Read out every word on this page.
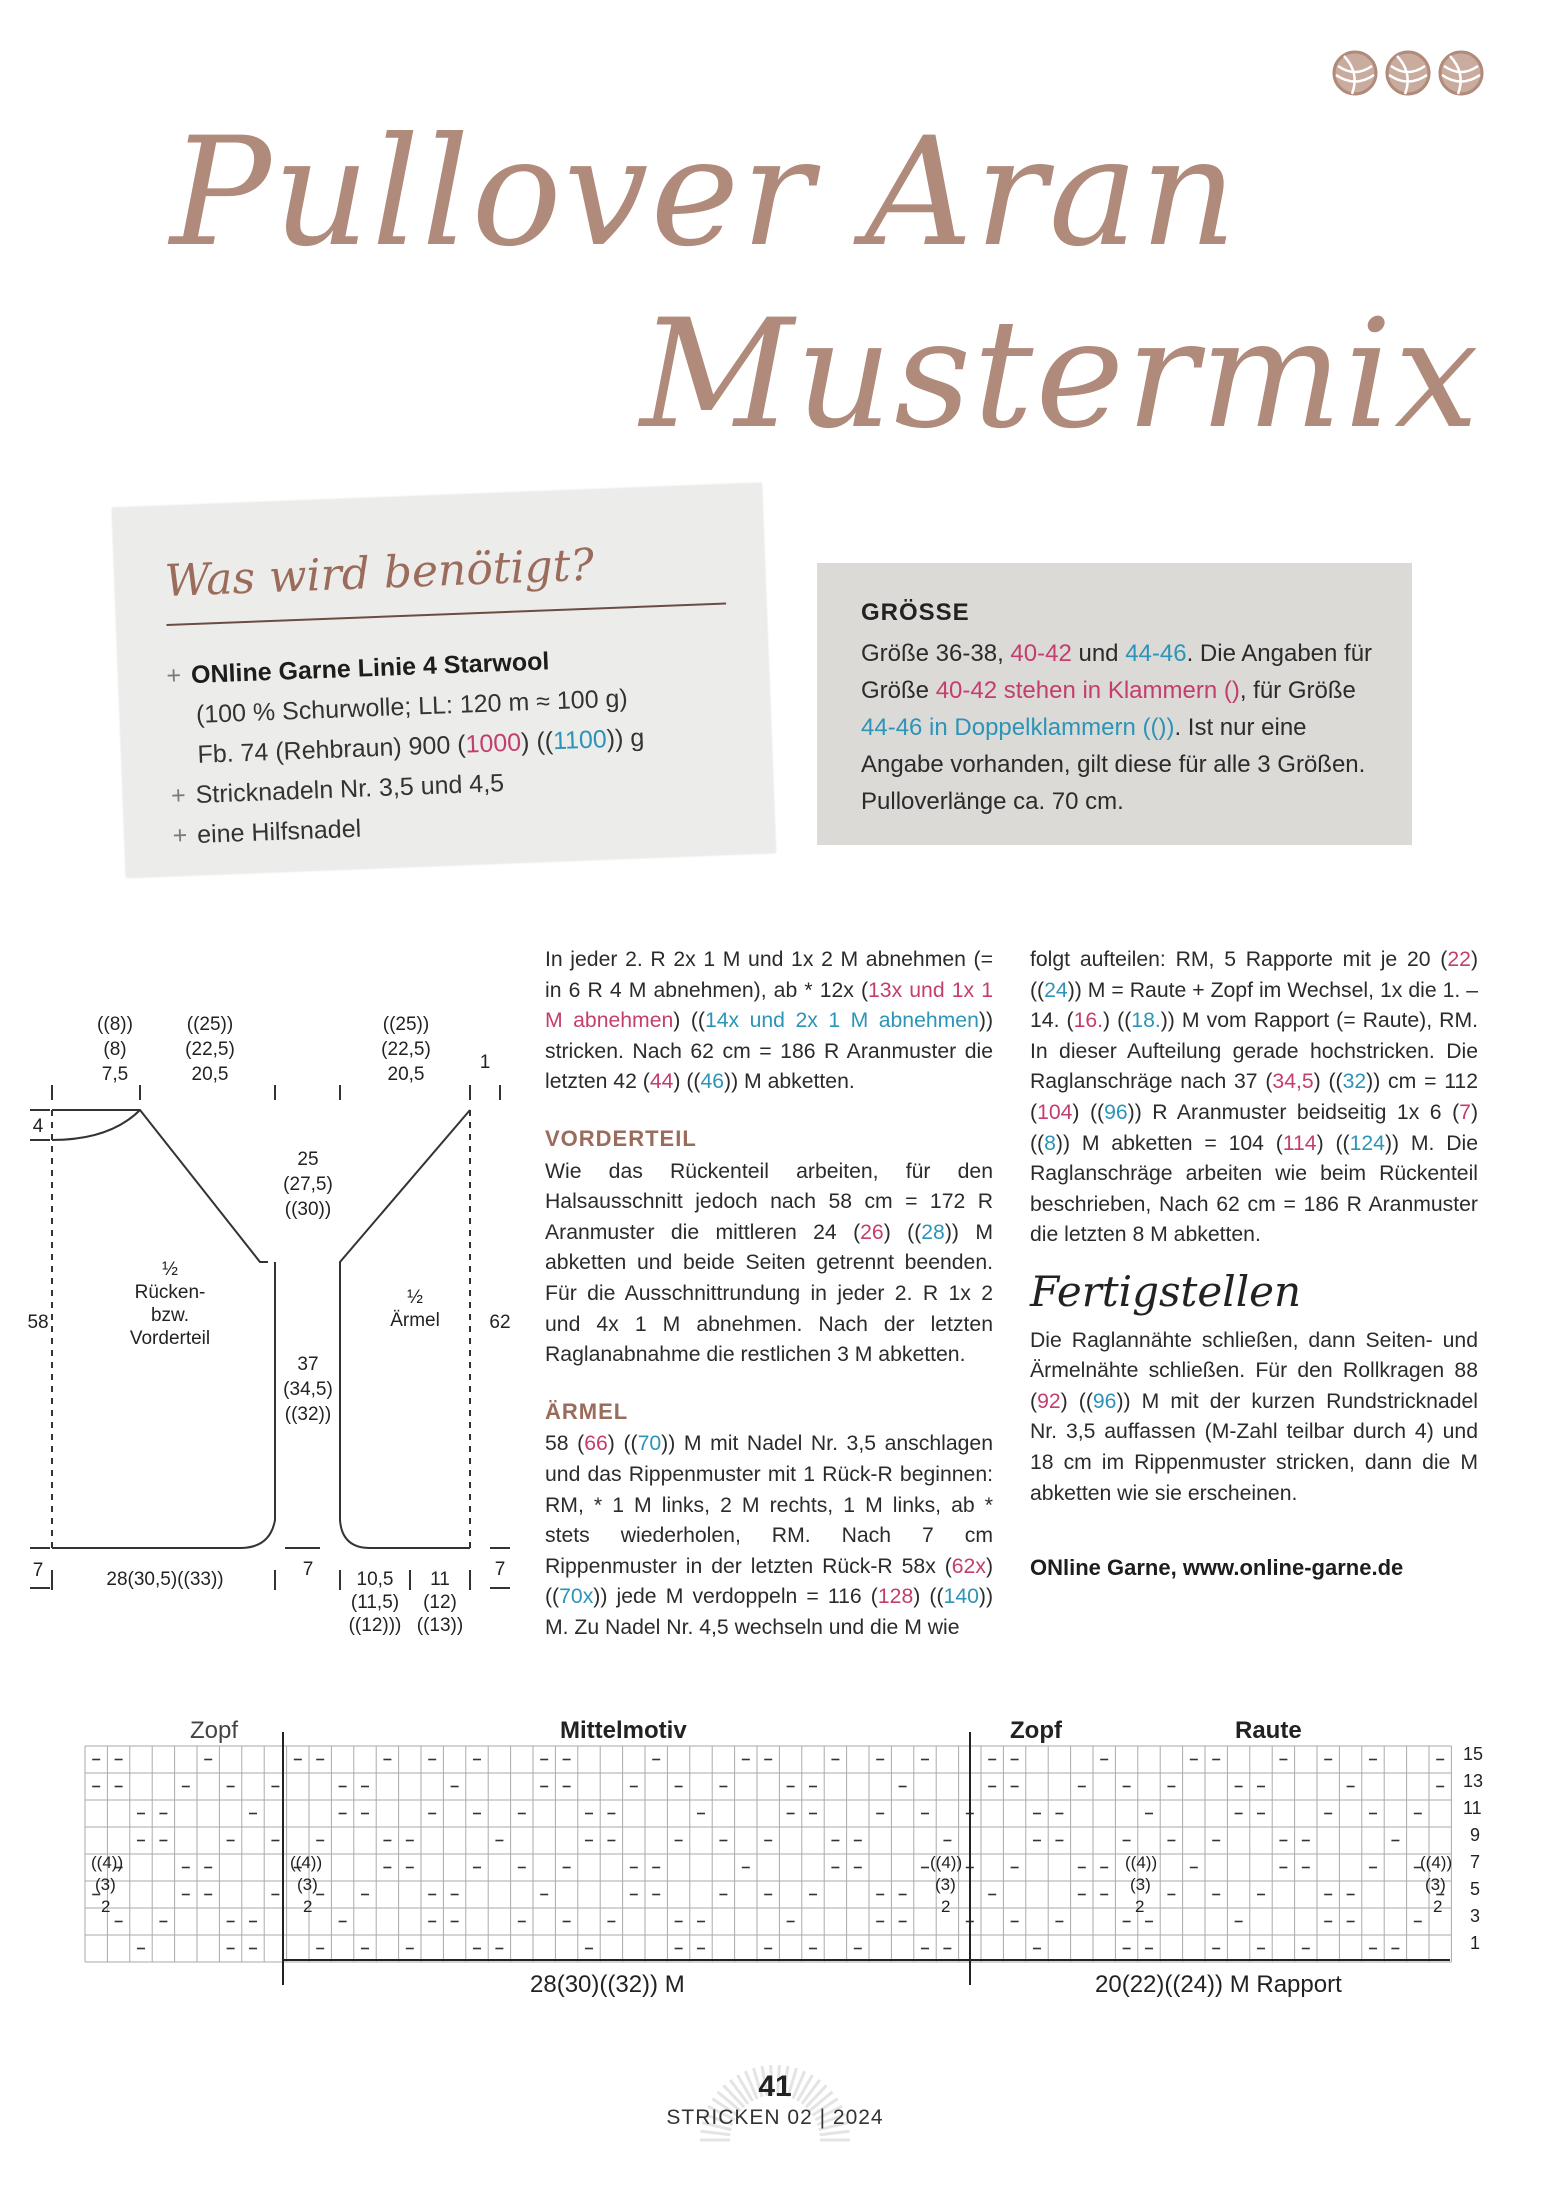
Pullover Aran
Mustermix
Was wird benötigt?
+ ONline Garne Linie 4 Starwool
(100 % Schurwolle; LL: 120 m ≈ 100 g)
Fb. 74 (Rehbraun) 900 (1000) ((1100)) g
+ Stricknadeln Nr. 3,5 und 4,5
+ eine Hilfsnadel
GRÖSSE
Größe 36-38, 40-42 und 44-46. Die Angaben für Größe 40-42 stehen in Klammern (), für Größe 44-46 in Doppelklammern (()). Ist nur eine Angabe vorhanden, gilt diese für alle 3 Größen. Pulloverlänge ca. 70 cm.
((8))
(8)
7,5
((25))
(22,5)
20,5
((25))
(22,5)
20,5
1
4
58
7
25
(27,5)
((30))
½
Rücken-
bzw.
Vorderteil
½
Ärmel	62
37
(34,5)
((32))
7	7
28(30,5)((33))	10,5
(11,5)
((12)))
11
(12)
((13))

In jeder 2. R 2x 1 M und 1x 2 M abnehmen (= in 6 R 4 M abnehmen), ab * 12x (13x und 1x 1 M abnehmen) ((14x und 2x 1 M abnehmen)) stricken. Nach 62 cm = 186 R Aranmuster die letzten 42 (44) ((46)) M abketten.

VORDERTEIL

Wie das Rückenteil arbeiten, für den Halsausschnitt jedoch nach 58 cm = 172 R Aranmuster die mittleren 24 (26) ((28)) M abketten und beide Seiten getrennt beenden. Für die Ausschnittrundung in jeder 2. R 1x 2 und 4x 1 M abnehmen. Nach der letzten Raglanabnahme die restlichen 3 M abketten.

ÄRMEL

58 (66) ((70)) M mit Nadel Nr. 3,5 anschlagen und das Rippenmuster mit 1 Rück-R beginnen: RM, * 1 M links, 2 M rechts, 1 M links, ab * stets wiederholen, RM. Nach 7 cm Rippenmuster in der letzten Rück-R 58x (62x) ((70x)) jede M verdoppeln = 116 (128) ((140)) M. Zu Nadel Nr. 4,5 wechseln und die M wie

folgt aufteilen: RM, 5 Rapporte mit je 20 (22) ((24)) M = Raute + Zopf im Wechsel, 1x die 1. – 14. (16.) ((18.)) M vom Rapport (= Raute), RM. In dieser Aufteilung gerade hochstricken. Die Raglanschräge nach 37 (34,5) ((32)) cm = 112 (104) ((96)) R Aranmuster beidseitig 1x 6 (7) ((8)) M abketten = 104 (114) ((124)) M. Die Raglanschräge arbeiten wie beim Rückenteil beschrieben, Nach 62 cm = 186 R Aranmuster die letzten 8 M abketten.

Fertigstellen

Die Raglannähte schließen, dann Seiten- und Ärmelnähte schließen. Für den Rollkragen 88 (92) ((96)) M mit der kurzen Rundstricknadel Nr. 3,5 auffassen (M-Zahl teilbar durch 4) und 18 cm im Rippenmuster stricken, dann die M abketten wie sie erscheinen.

ONline Garne, www.online-garne.de
Zopf	Mittelmotiv	Zopf	Raute
15
13
11
9
7
5
3
1
((4))
(3)
2
((4))
(3)
2
((4))
(3)
2
((4))
(3)
2
((4))
(3)
2
28(30)((32)) M	20(22)((24)) M Rapport
41
STRICKEN 02 | 2024
